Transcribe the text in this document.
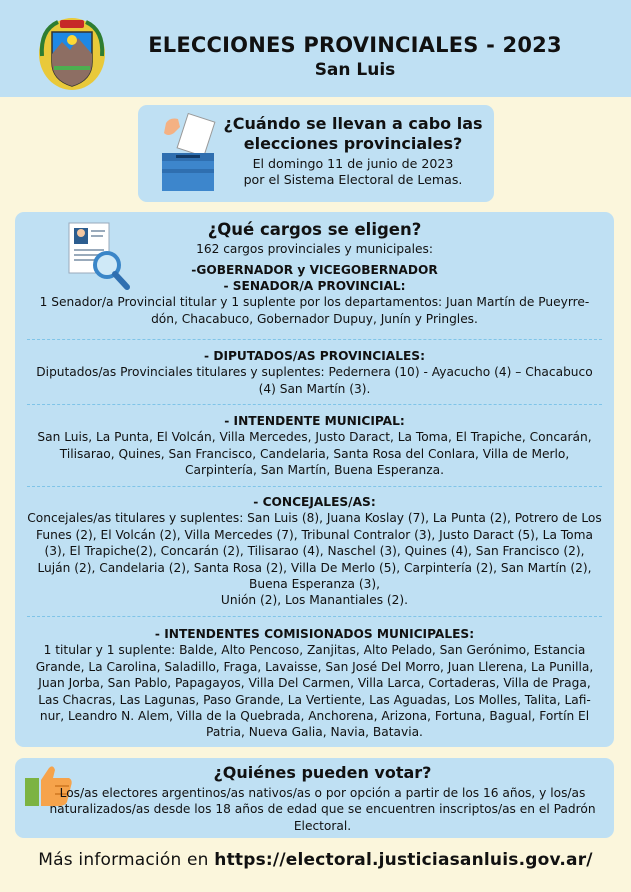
ELECCIONES PROVINCIALES - 2023
San Luis
¿Cuándo se llevan a cabo las elecciones provinciales?
El domingo 11 de junio de 2023
por el Sistema Electoral de Lemas.
¿Qué cargos se eligen?
162 cargos provinciales y municipales:
-GOBERNADOR y VICEGOBERNADOR
- SENADOR/A PROVINCIAL:
1 Senador/a Provincial titular y 1 suplente por los departamentos: Juan Martín de Pueyrre-dón, Chacabuco, Gobernador Dupuy, Junín y Pringles.
- DIPUTADOS/AS PROVINCIALES:
Diputados/as Provinciales titulares y suplentes: Pedernera (10) - Ayacucho (4) – Chacabuco (4) San Martín (3).
- INTENDENTE MUNICIPAL:
San Luis, La Punta, El Volcán, Villa Mercedes, Justo Daract, La Toma, El Trapiche, Concarán, Tilisarao, Quines, San Francisco, Candelaria, Santa Rosa del Conlara, Villa de Merlo, Carpintería, San Martín, Buena Esperanza.
- CONCEJALES/AS:
Concejales/as titulares y suplentes: San Luis (8), Juana Koslay (7), La Punta (2), Potrero de Los Funes (2), El Volcán (2), Villa Mercedes (7), Tribunal Contralor (3), Justo Daract (5), La Toma (3), El Trapiche(2), Concarán (2), Tilisarao (4), Naschel (3), Quines (4), San Francisco (2), Luján (2), Candelaria (2), Santa Rosa (2), Villa De Merlo (5), Carpintería (2), San Martín (2), Buena Esperanza (3),
Unión (2), Los Manantiales (2).
- INTENDENTES COMISIONADOS MUNICIPALES:
1 titular y 1 suplente: Balde, Alto Pencoso, Zanjitas, Alto Pelado, San Gerónimo, Estancia Grande, La Carolina, Saladillo, Fraga, Lavaisse, San José Del Morro, Juan Llerena, La Punilla, Juan Jorba, San Pablo, Papagayos, Villa Del Carmen, Villa Larca, Cortaderas, Villa de Praga, Las Chacras, Las Lagunas, Paso Grande, La Vertiente, Las Aguadas, Los Molles, Talita, Lafi-nur, Leandro N. Alem, Villa de la Quebrada, Anchorena, Arizona, Fortuna, Bagual, Fortín El Patria, Nueva Galia, Navia, Batavia.
¿Quiénes pueden votar?
Los/as electores argentinos/as nativos/as o por opción a partir de los 16 años, y los/as naturalizados/as desde los 18 años de edad que se encuentren inscriptos/as en el Padrón Electoral.
Más información en https://electoral.justiciasanluis.gov.ar/
